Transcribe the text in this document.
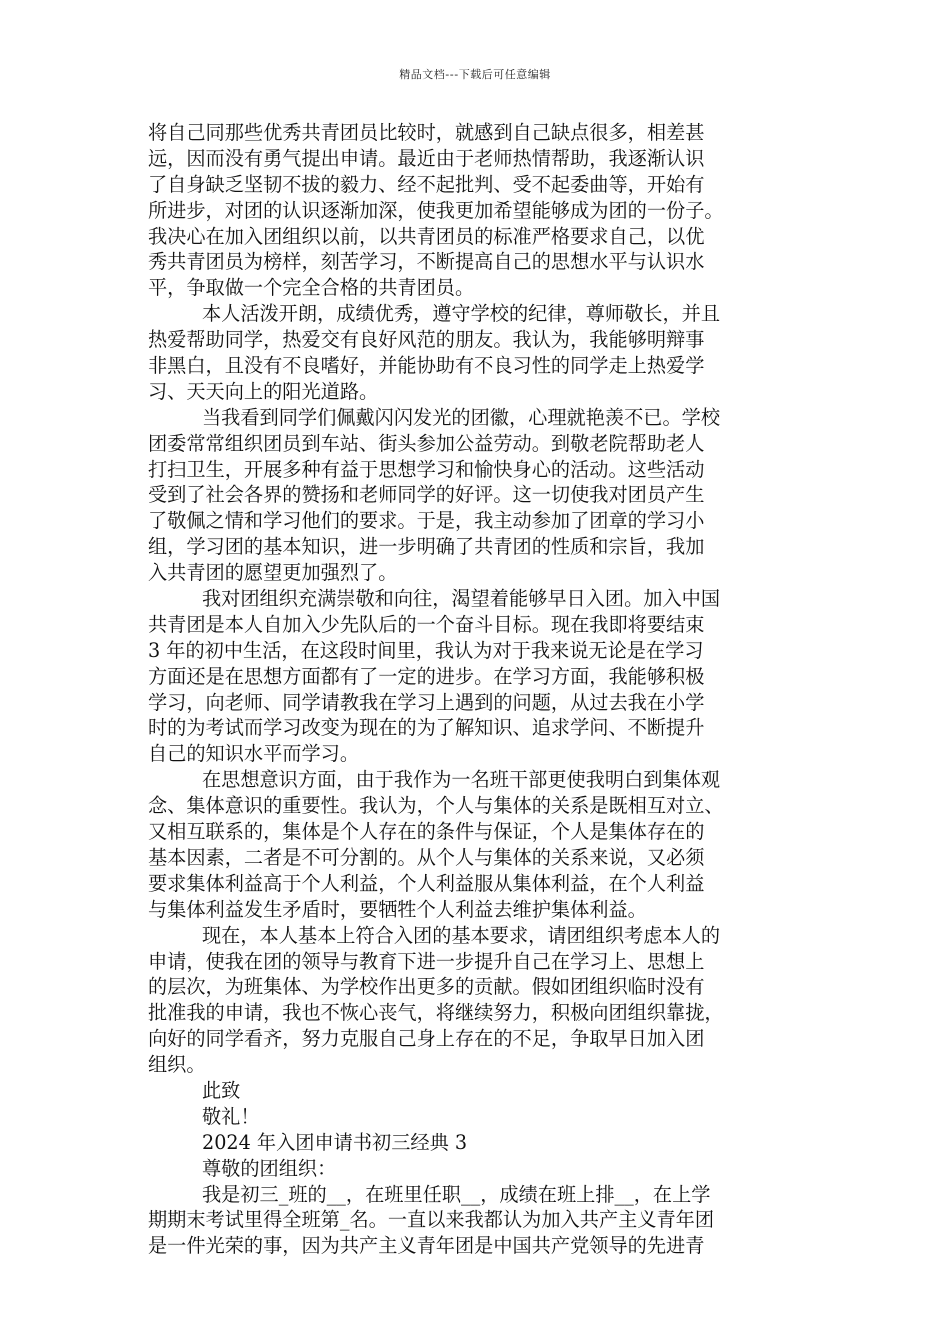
精品文档---下载后可任意编辑
将自己同那些优秀共青团员比较时，就感到自己缺点很多，相差甚
远，因而没有勇气提出申请。最近由于老师热情帮助，我逐渐认识
了自身缺乏坚韧不拔的毅力、经不起批判、受不起委曲等，开始有
所进步，对团的认识逐渐加深，使我更加希望能够成为团的一份子。
我决心在加入团组织以前，以共青团员的标准严格要求自己，以优
秀共青团员为榜样，刻苦学习，不断提高自己的思想水平与认识水
平，争取做一个完全合格的共青团员。
本人活泼开朗，成绩优秀，遵守学校的纪律，尊师敬长，并且
热爱帮助同学，热爱交有良好风范的朋友。我认为，我能够明辩事
非黑白，且没有不良嗜好，并能协助有不良习性的同学走上热爱学
习、天天向上的阳光道路。
当我看到同学们佩戴闪闪发光的团徽，心理就艳羡不已。学校
团委常常组织团员到车站、街头参加公益劳动。到敬老院帮助老人
打扫卫生，开展多种有益于思想学习和愉快身心的活动。这些活动
受到了社会各界的赞扬和老师同学的好评。这一切使我对团员产生
了敬佩之情和学习他们的要求。于是，我主动参加了团章的学习小
组，学习团的基本知识，进一步明确了共青团的性质和宗旨，我加
入共青团的愿望更加强烈了。
我对团组织充满崇敬和向往，渴望着能够早日入团。加入中国
共青团是本人自加入少先队后的一个奋斗目标。现在我即将要结束
3 年的初中生活，在这段时间里，我认为对于我来说无论是在学习
方面还是在思想方面都有了一定的进步。在学习方面，我能够积极
学习，向老师、同学请教我在学习上遇到的问题，从过去我在小学
时的为考试而学习改变为现在的为了解知识、追求学问、不断提升
自己的知识水平而学习。
在思想意识方面，由于我作为一名班干部更使我明白到集体观
念、集体意识的重要性。我认为，个人与集体的关系是既相互对立、
又相互联系的，集体是个人存在的条件与保证，个人是集体存在的
基本因素，二者是不可分割的。从个人与集体的关系来说，又必须
要求集体利益高于个人利益，个人利益服从集体利益，在个人利益
与集体利益发生矛盾时，要牺牲个人利益去维护集体利益。
现在，本人基本上符合入团的基本要求，请团组织考虑本人的
申请，使我在团的领导与教育下进一步提升自己在学习上、思想上
的层次，为班集体、为学校作出更多的贡献。假如团组织临时没有
批准我的申请，我也不恢心丧气，将继续努力，积极向团组织靠拢，
向好的同学看齐，努力克服自己身上存在的不足，争取早日加入团
组织。
此致
敬礼！
2024 年入团申请书初三经典 3
尊敬的团组织：
我是初三_班的__，在班里任职__，成绩在班上排__，在上学
期期末考试里得全班第_名。一直以来我都认为加入共产主义青年团
是一件光荣的事，因为共产主义青年团是中国共产党领导的先进青
